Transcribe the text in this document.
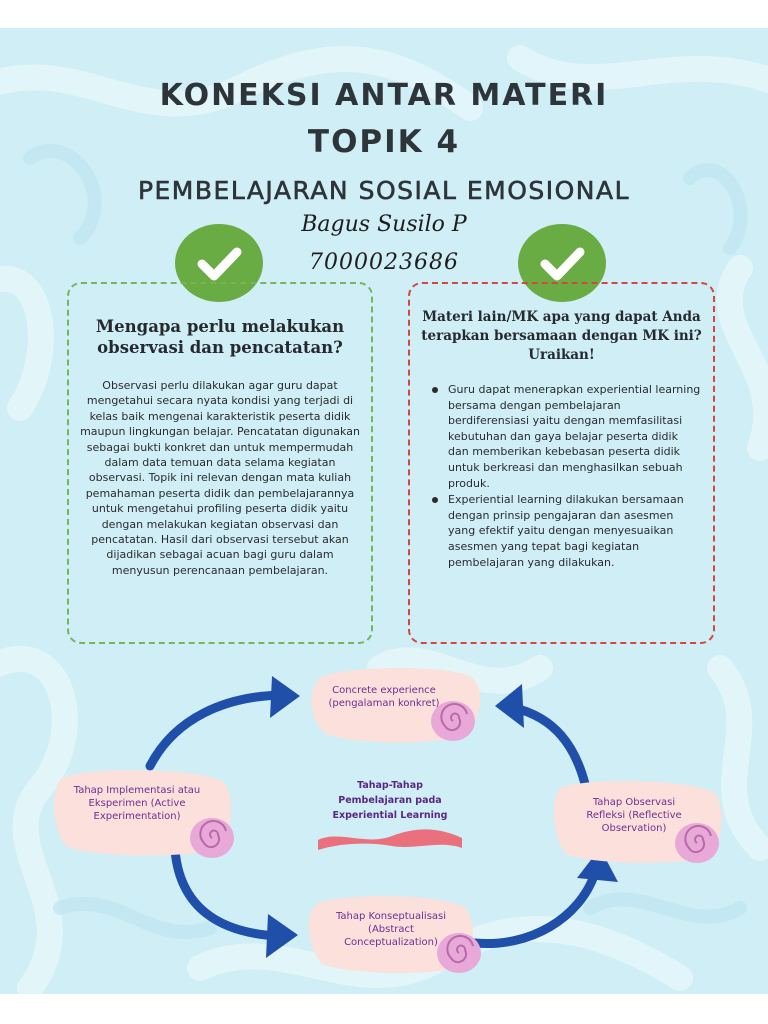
KONEKSI ANTAR MATERI
TOPIK 4
PEMBELAJARAN SOSIAL EMOSIONAL
Bagus Susilo P
7000023686
Mengapa perlu melakukan observasi dan pencatatan?

Observasi perlu dilakukan agar guru dapat mengetahui secara nyata kondisi yang terjadi di kelas baik mengenai karakteristik peserta didik maupun lingkungan belajar. Pencatatan digunakan sebagai bukti konkret dan untuk mempermudah dalam data temuan data selama kegiatan observasi. Topik ini relevan dengan mata kuliah pemahaman peserta didik dan pembelajarannya untuk mengetahui profiling peserta didik yaitu dengan melakukan kegiatan observasi dan pencatatan. Hasil dari observasi tersebut akan dijadikan sebagai acuan bagi guru dalam menyusun perencanaan pembelajaran.

Materi lain/MK apa yang dapat Anda terapkan bersamaan dengan MK ini? Uraikan!
Guru dapat menerapkan experiential learning bersama dengan pembelajaran berdiferensiasi yaitu dengan memfasilitasi kebutuhan dan gaya belajar peserta didik dan memberikan kebebasan peserta didik untuk berkreasi dan menghasilkan sebuah produk.
Experiential learning dilakukan bersamaan dengan prinsip pengajaran dan asesmen yang efektif yaitu dengan menyesuaikan asesmen yang tepat bagi kegiatan pembelajaran yang dilakukan.
Concrete experience (pengalaman konkret)
Tahap Implementasi atau Eksperimen (Active Experimentation)
Tahap Observasi Refleksi (Reflective Observation)
Tahap Konseptualisasi (Abstract Conceptualization)
Tahap-Tahap Pembelajaran pada Experiential Learning
